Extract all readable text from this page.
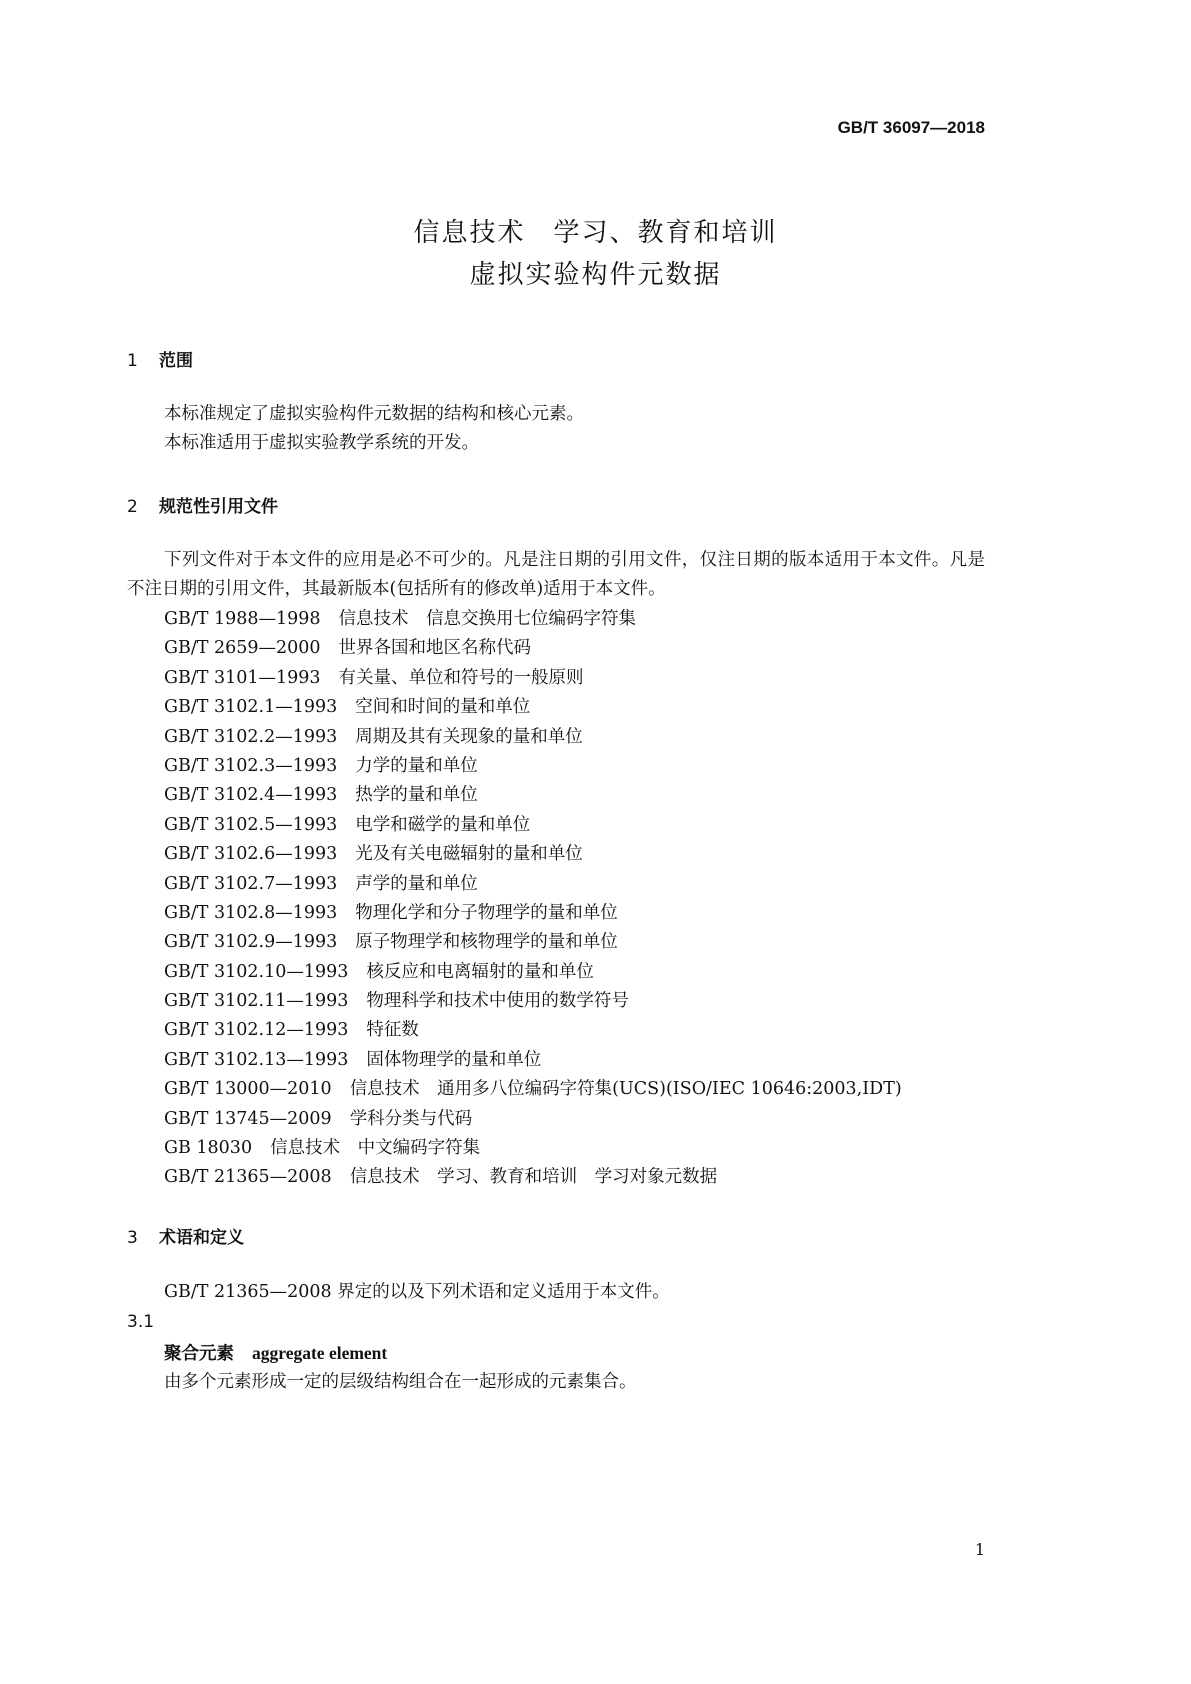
GB/T 36097—2018
信息技术　学习、教育和培训
虚拟实验构件元数据
1 范围
本标准规定了虚拟实验构件元数据的结构和核心元素。
本标准适用于虚拟实验教学系统的开发。
2 规范性引用文件
下列文件对于本文件的应用是必不可少的。凡是注日期的引用文件，仅注日期的版本适用于本文件。凡是不注日期的引用文件，其最新版本(包括所有的修改单)适用于本文件。
GB/T 1988—1998 信息技术　信息交换用七位编码字符集
GB/T 2659—2000 世界各国和地区名称代码
GB/T 3101—1993 有关量、单位和符号的一般原则
GB/T 3102.1—1993 空间和时间的量和单位
GB/T 3102.2—1993 周期及其有关现象的量和单位
GB/T 3102.3—1993 力学的量和单位
GB/T 3102.4—1993 热学的量和单位
GB/T 3102.5—1993 电学和磁学的量和单位
GB/T 3102.6—1993 光及有关电磁辐射的量和单位
GB/T 3102.7—1993 声学的量和单位
GB/T 3102.8—1993 物理化学和分子物理学的量和单位
GB/T 3102.9—1993 原子物理学和核物理学的量和单位
GB/T 3102.10—1993 核反应和电离辐射的量和单位
GB/T 3102.11—1993 物理科学和技术中使用的数学符号
GB/T 3102.12—1993 特征数
GB/T 3102.13—1993 固体物理学的量和单位
GB/T 13000—2010 信息技术　通用多八位编码字符集(UCS)(ISO/IEC 10646:2003,IDT)
GB/T 13745—2009 学科分类与代码
GB 18030 信息技术　中文编码字符集
GB/T 21365—2008 信息技术　学习、教育和培训　学习对象元数据
3 术语和定义
GB/T 21365—2008 界定的以及下列术语和定义适用于本文件。
3.1
聚合元素 aggregate element
由多个元素形成一定的层级结构组合在一起形成的元素集合。
1
